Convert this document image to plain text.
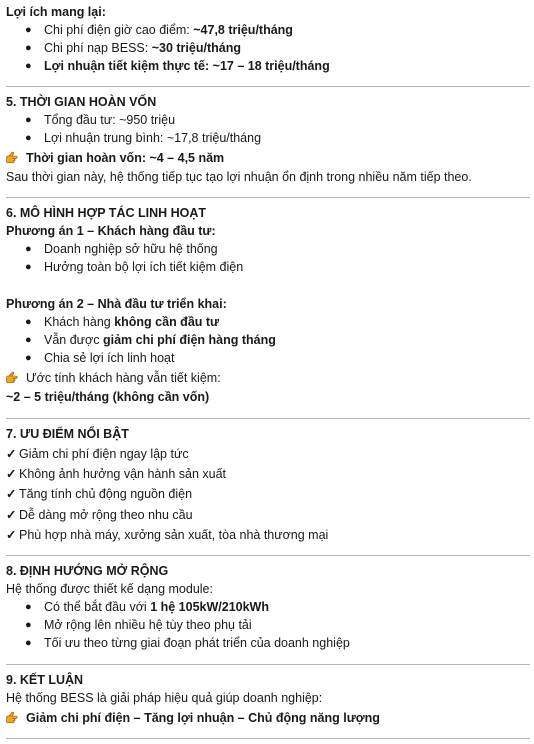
Lợi ích mang lại:
● Chi phí điện giờ cao điểm: ~47,8 triệu/tháng
● Chi phí nạp BESS: ~30 triệu/tháng
● Lợi nhuận tiết kiệm thực tế: ~17 – 18 triệu/tháng
5. THỜI GIAN HOÀN VỐN
● Tổng đầu tư: ~950 triệu
● Lợi nhuận trung bình: ~17,8 triệu/tháng
Thời gian hoàn vốn: ~4 – 4,5 năm
Sau thời gian này, hệ thống tiếp tục tạo lợi nhuận ổn định trong nhiều năm tiếp theo.
6. MÔ HÌNH HỢP TÁC LINH HOẠT
Phương án 1 – Khách hàng đầu tư:
● Doanh nghiệp sở hữu hệ thống
● Hưởng toàn bộ lợi ích tiết kiệm điện
Phương án 2 – Nhà đầu tư triển khai:
● Khách hàng không cần đầu tư
● Vẫn được giảm chi phí điện hàng tháng
● Chia sẻ lợi ích linh hoạt
Ước tính khách hàng vẫn tiết kiệm:
~2 – 5 triệu/tháng (không cần vốn)
7. ƯU ĐIỂM NỔI BẬT
✓ Giảm chi phí điện ngay lập tức
✓ Không ảnh hưởng vận hành sản xuất
✓ Tăng tính chủ động nguồn điện
✓ Dễ dàng mở rộng theo nhu cầu
✓ Phù hợp nhà máy, xưởng sản xuất, tòa nhà thương mại
8. ĐỊNH HƯỚNG MỞ RỘNG
Hệ thống được thiết kế dạng module:
● Có thể bắt đầu với 1 hệ 105kW/210kWh
● Mở rộng lên nhiều hệ tùy theo phụ tải
● Tối ưu theo từng giai đoạn phát triển của doanh nghiệp
9. KẾT LUẬN
Hệ thống BESS là giải pháp hiệu quả giúp doanh nghiệp:
Giảm chi phí điện – Tăng lợi nhuận – Chủ động năng lượng
